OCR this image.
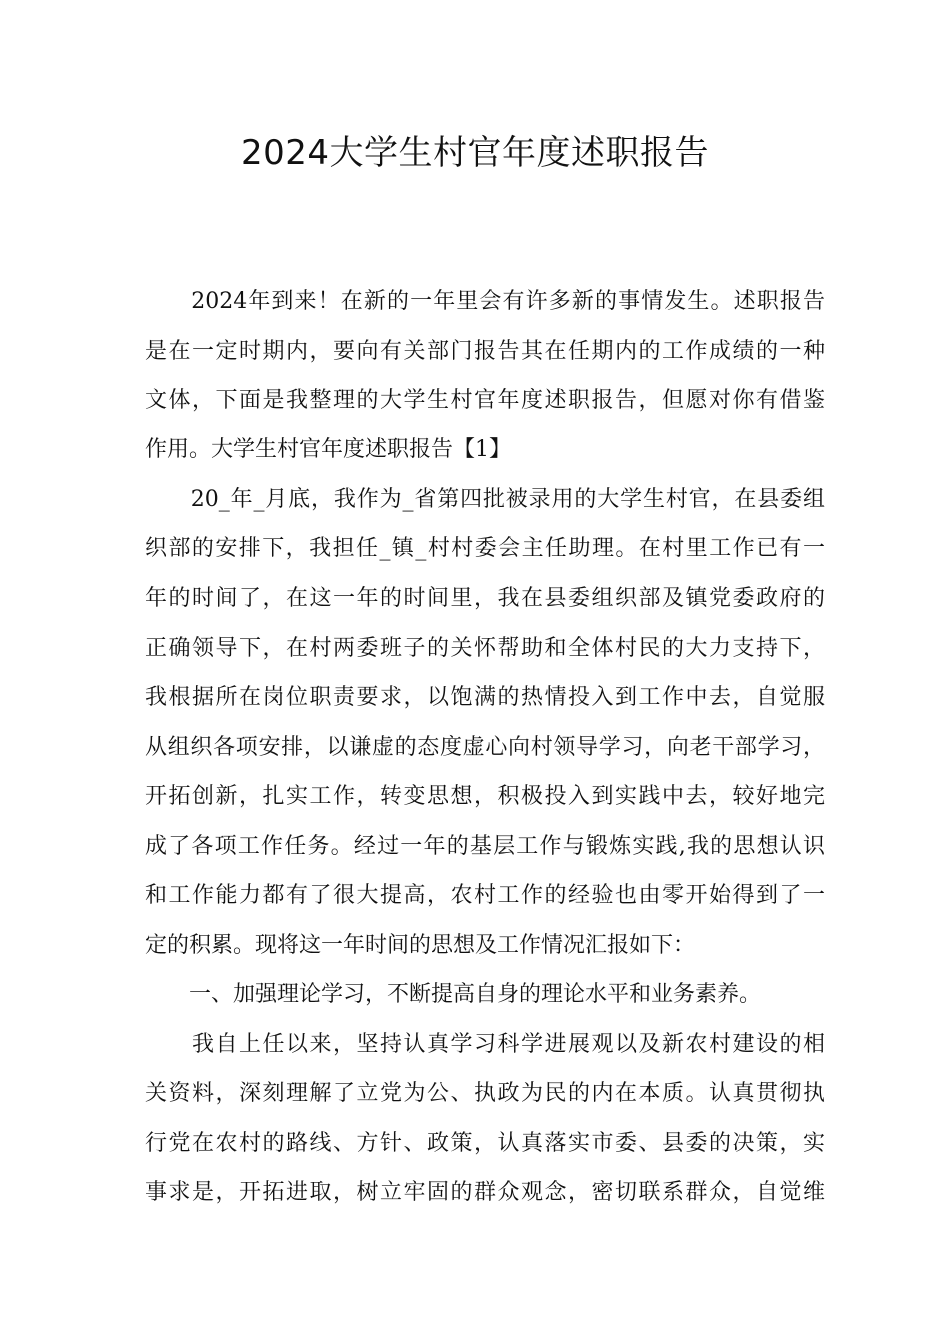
2024大学生村官年度述职报告
　　2024年到来！在新的一年里会有许多新的事情发生。述职报告
是在一定时期内，要向有关部门报告其在任期内的工作成绩的一种
文体，下面是我整理的大学生村官年度述职报告，但愿对你有借鉴
作用。大学生村官年度述职报告【1】
　　20_年_月底，我作为_省第四批被录用的大学生村官，在县委组
织部的安排下，我担任_镇_村村委会主任助理。在村里工作已有一
年的时间了，在这一年的时间里，我在县委组织部及镇党委政府的
正确领导下，在村两委班子的关怀帮助和全体村民的大力支持下，
我根据所在岗位职责要求，以饱满的热情投入到工作中去，自觉服
从组织各项安排，以谦虚的态度虚心向村领导学习，向老干部学习，
开拓创新，扎实工作，转变思想，积极投入到实践中去，较好地完
成了各项工作任务。经过一年的基层工作与锻炼实践,我的思想认识
和工作能力都有了很大提高，农村工作的经验也由零开始得到了一
定的积累。现将这一年时间的思想及工作情况汇报如下：
　　一、加强理论学习，不断提高自身的理论水平和业务素养。
　　我自上任以来，坚持认真学习科学进展观以及新农村建设的相
关资料，深刻理解了立党为公、执政为民的内在本质。认真贯彻执
行党在农村的路线、方针、政策，认真落实市委、县委的决策，实
事求是，开拓进取，树立牢固的群众观念，密切联系群众，自觉维
